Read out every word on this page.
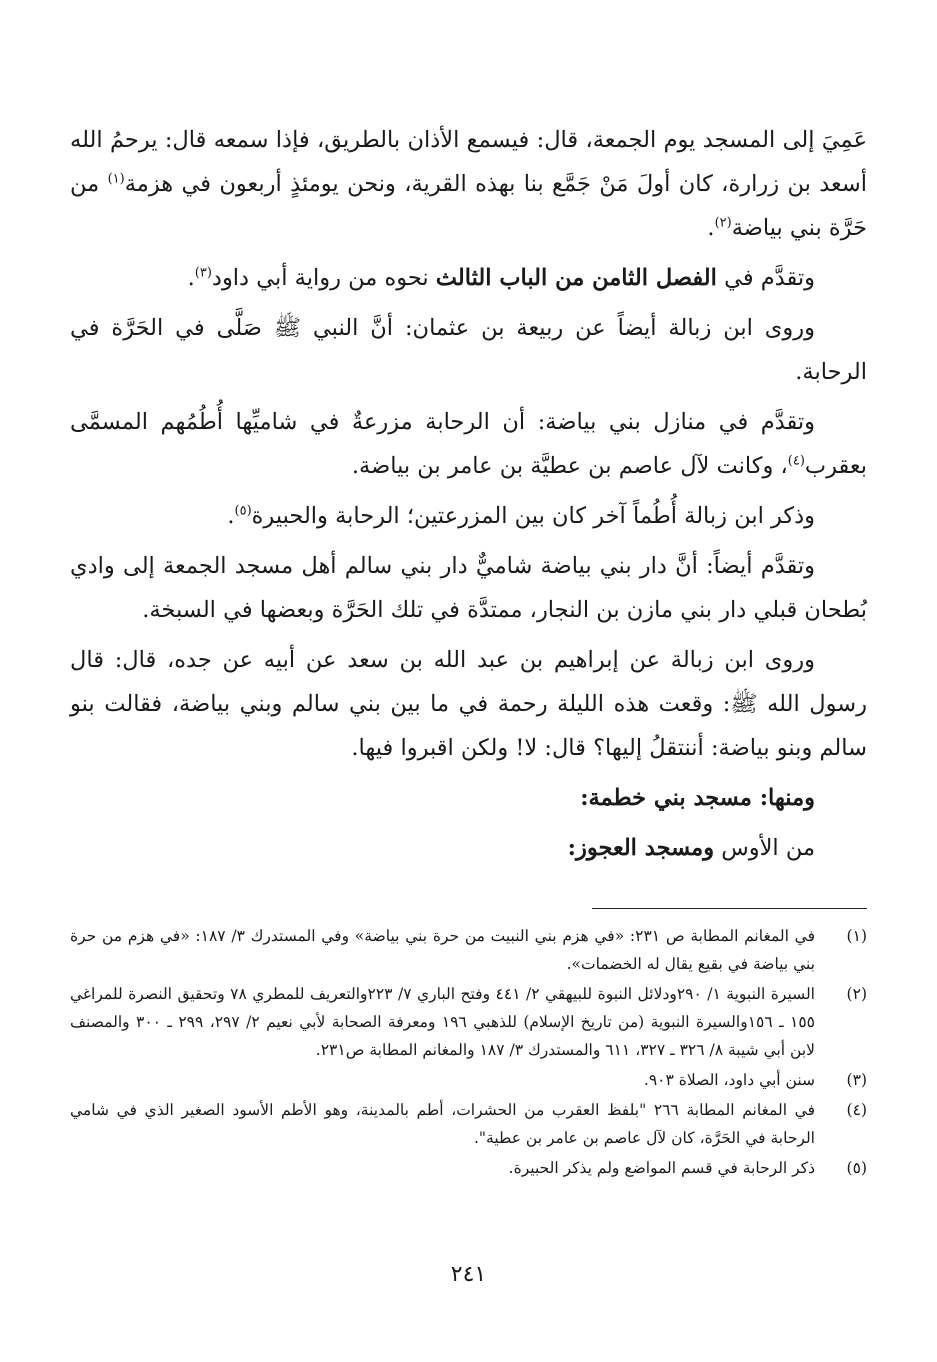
عَمِيَ إلى المسجد يوم الجمعة، قال: فيسمع الأذان بالطريق، فإذا سمعه قال: يرحمُ الله أسعد بن زرارة، كان أولَ مَنْ جَمَّع بنا بهذه القرية، ونحن يومئذٍ أربعون في هزمة$^{(١)}$ من حَرَّة بني بياضة$^{(٢)}$.

وتقدَّم في الفصل الثامن من الباب الثالث نحوه من رواية أبي داود$^{(٣)}$.

وروى ابن زبالة أيضاً عن ربيعة بن عثمان: أنَّ النبي ﷺ صَلَّى في الحَرَّة في الرحابة.

وتقدَّم في منازل بني بياضة: أن الرحابة مزرعةٌ في شاميِّها أُطُمُهم المسمَّى بعقرب$^{(٤)}$، وكانت لآل عاصم بن عطيَّة بن عامر بن بياضة.

وذكر ابن زبالة أُطُماً آخر كان بين المزرعتين؛ الرحابة والحبيرة$^{(٥)}$.

وتقدَّم أيضاً: أنَّ دار بني بياضة شاميٌّ دار بني سالم أهل مسجد الجمعة إلى وادي بُطحان قبلي دار بني مازن بن النجار، ممتدَّة في تلك الحَرَّة وبعضها في السبخة.

وروى ابن زبالة عن إبراهيم بن عبد الله بن سعد عن أبيه عن جده، قال: قال رسول الله ﷺ: وقعت هذه الليلة رحمة في ما بين بني سالم وبني بياضة، فقالت بنو سالم وبنو بياضة: أننتقلُ إليها؟ قال: لا! ولكن اقبروا فيها.

ومنها: مسجد بني خطمة:

من الأوس ومسجد العجوز:

(١)
في المغانم المطابة ص ٢٣١: «في هزم بني النبيت من حرة بني بياضة» وفي المستدرك ٣/ ١٨٧: «في هزم من حرة بني بياضة في بقيع يقال له الخضمات».
(٢)
السيرة النبوية ١/ ٢٩٠ودلائل النبوة للبيهقي ٢/ ٤٤١ وفتح الباري ٧/ ٢٢٣والتعريف للمطري ٧٨ وتحقيق النصرة للمراغي ١٥٥ ـ ١٥٦والسيرة النبوية (من تاريخ الإسلام) للذهبي ١٩٦ ومعرفة الصحابة لأبي نعيم ٢/ ٢٩٧، ٢٩٩ ـ ٣٠٠ والمصنف لابن أبي شيبة ٨/ ٣٢٦ ـ ٣٢٧، ٦١١ والمستدرك ٣/ ١٨٧ والمغانم المطابة ص٢٣١.
(٣)
سنن أبي داود، الصلاة ٩٠٣.
(٤)
في المغانم المطابة ٢٦٦ "بلفظ العقرب من الحشرات، أطم بالمدينة، وهو الأطم الأسود الصغير الذي في شامي الرحابة في الحَرَّة، كان لآل عاصم بن عامر بن عطية".
(٥)
ذكر الرحابة في قسم المواضع ولم يذكر الحبيرة.
٢٤١
